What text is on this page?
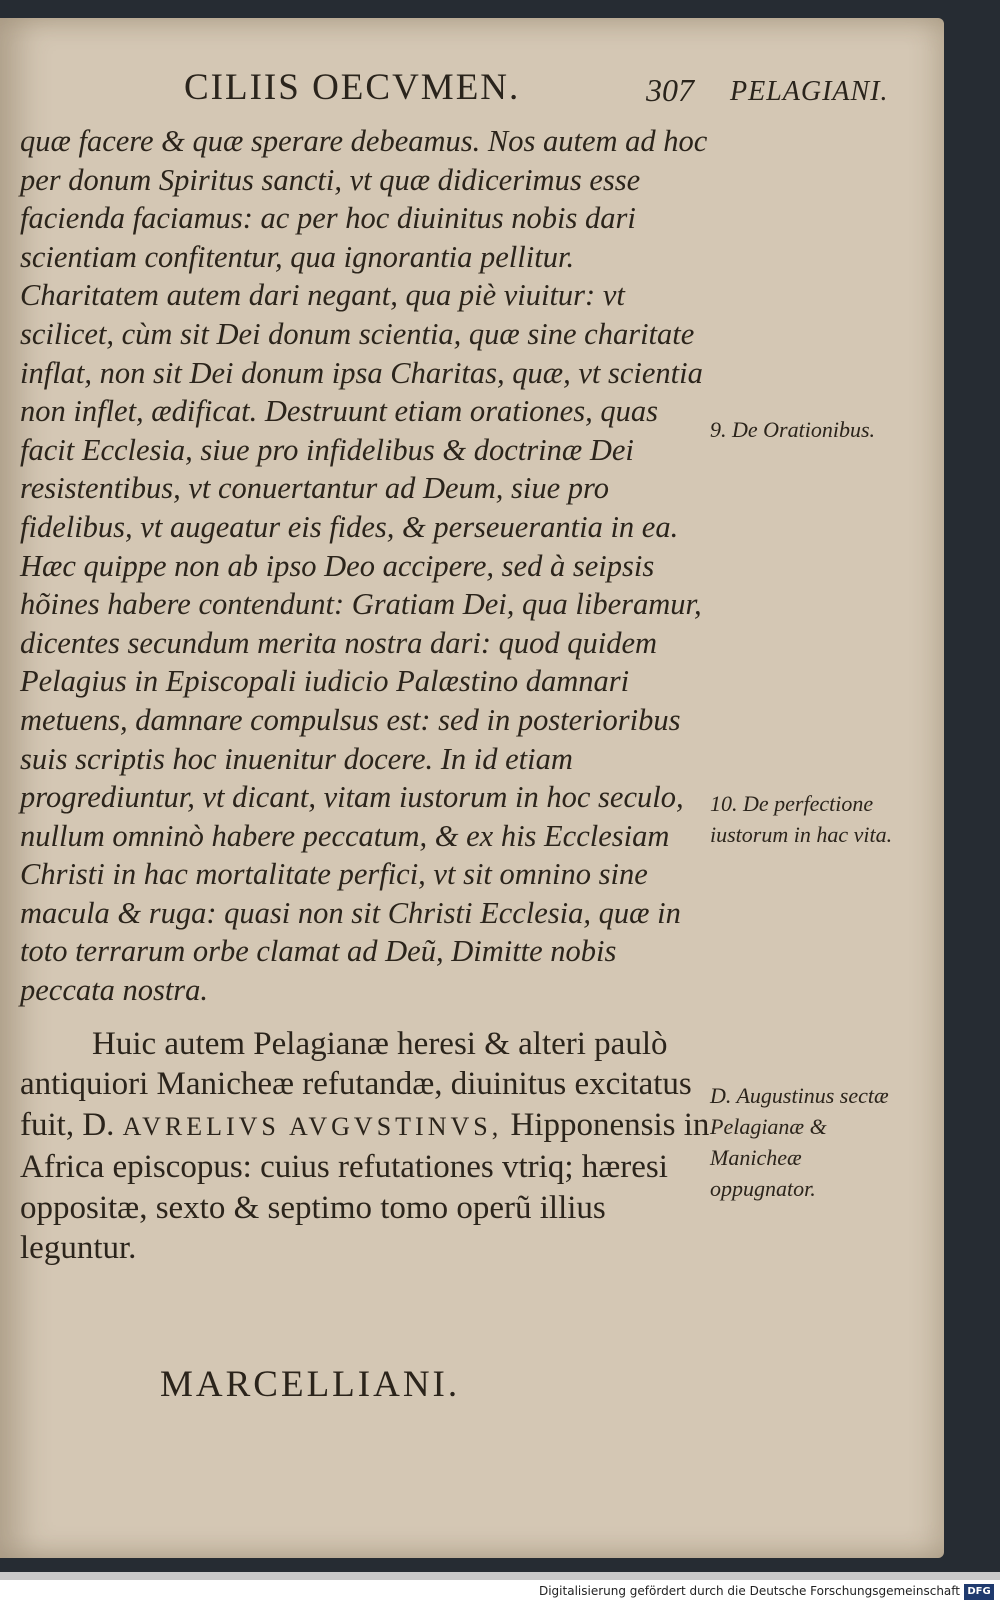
CILIIS OECVMEN.	307 PELAGIANI.

quæ facere & quæ sperare debeamus. Nos autem ad hoc per donum Spiritus sancti, vt quæ didicerimus esse facienda faciamus: ac per hoc diuinitus nobis dari scientiam confitentur, qua ignorantia pellitur. Charitatem autem dari negant, qua piè viuitur: vt scilicet, cùm sit Dei donum scientia, quæ sine charitate inflat, non sit Dei donum ipsa Charitas, quæ, vt scientia non inflet, ædificat. Destruunt etiam orationes, quas facit Ecclesia, siue pro infidelibus & doctrinæ Dei resistentibus, vt conuertantur ad Deum, siue pro fidelibus, vt augeatur eis fides, & perseuerantia in ea. Hæc quippe non ab ipso Deo accipere, sed à seipsis hõines habere contendunt: Gratiam Dei, qua liberamur, dicentes secundum merita nostra dari: quod quidem Pelagius in Episcopali iudicio Palæstino damnari metuens, damnare compulsus est: sed in posterioribus suis scriptis hoc inuenitur docere. In id etiam progrediuntur, vt dicant, vitam iustorum in hoc seculo, nullum omninò habere peccatum, & ex his Ecclesiam Christi in hac mortalitate perfici, vt sit omnino sine macula & ruga: quasi non sit Christi Ecclesia, quæ in toto terrarum orbe clamat ad Deũ, Dimitte nobis peccata nostra.

Huic autem Pelagianæ heresi & alteri paulò antiquiori Manicheæ refutandæ, diuinitus excitatus fuit, D. AVRELIVS AVGVSTINVS, Hipponensis in Africa episcopus: cuius refutationes vtriq; hæresi oppositæ, sexto & septimo tomo operũ illius leguntur.

MARCELLIANI.
9. De Orationibus.
10. De perfectione iustorum in hac vita.
D. Augustinus sectæ Pelagianæ & Manicheæ oppugnator.
Digitalisierung gefördert durch die Deutsche Forschungsgemeinschaft DFG
